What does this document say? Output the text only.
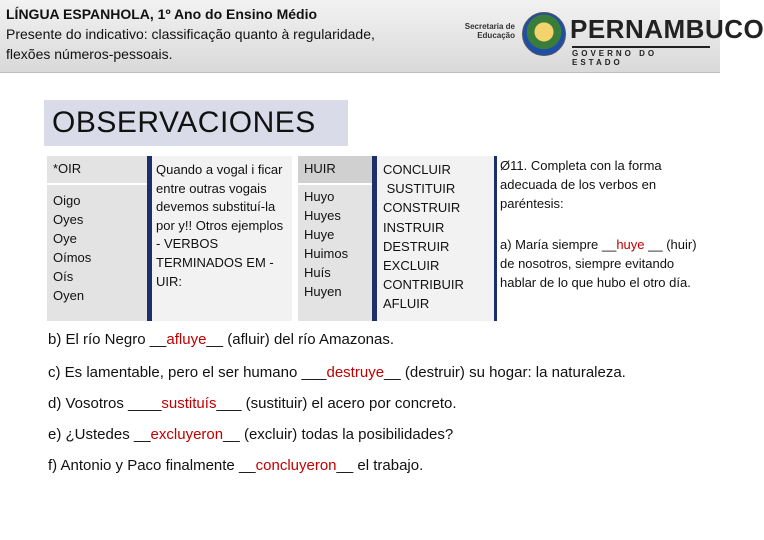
LÍNGUA ESPANHOLA, 1º Ano do Ensino Médio
Presente do indicativo: classificação quanto à regularidade,
flexões números-pessoais.
Secretaria de
Educação PERNAMBUCO
GOVERNO DO ESTADO
OBSERVACIONES
*OIR
Oigo
Oyes
Oye
Oímos
Oís
Oyen
Quando a vogal i ficar entre outras vogais devemos substituí-la por y!! Otros ejemplos - VERBOS TERMINADOS EM - UIR:
HUIR
Huyo
Huyes
Huye
Huimos
Huís
Huyen
CONCLUIR
SUSTITUIR
CONSTRUIR
INSTRUIR
DESTRUIR
EXCLUIR
CONTRIBUIR
AFLUIR

Ø11. Completa con la forma adecuada de los verbos en paréntesis:

a) María siempre __huye __ (huir) de nosotros, siempre evitando hablar de lo que hubo el otro día.

b) El río Negro __afluye__ (afluir) del río Amazonas.
c) Es lamentable, pero el ser humano ___destruye__ (destruir) su hogar: la naturaleza.
d) Vosotros ____sustituís___ (sustituir) el acero por concreto.
e) ¿Ustedes __excluyeron__ (excluir) todas la posibilidades?
f) Antonio y Paco finalmente __concluyeron__ el trabajo.
